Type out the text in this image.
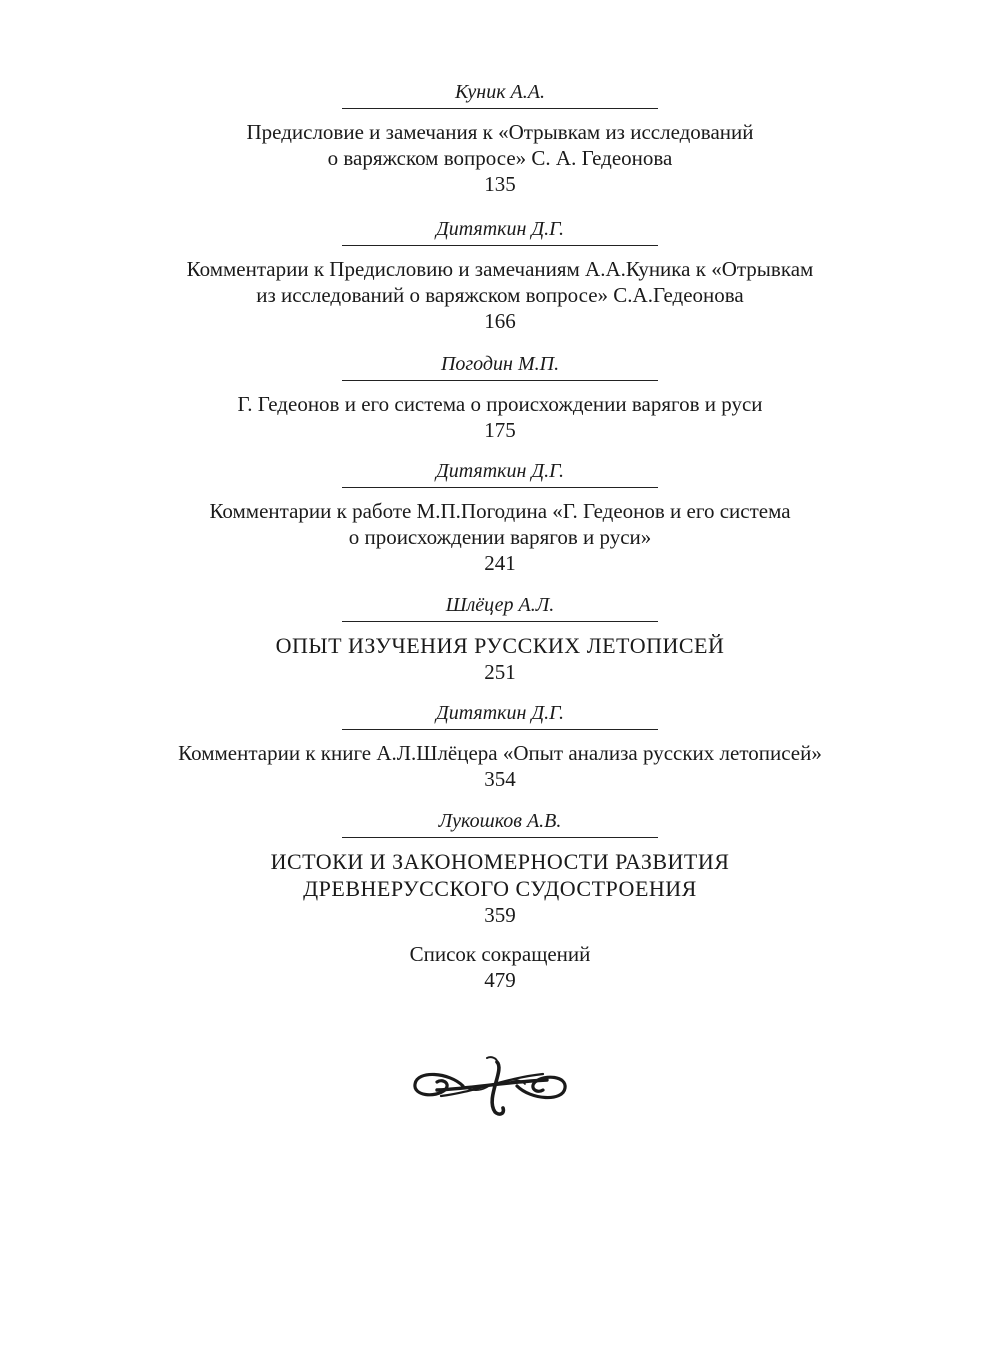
Куник А.А.

Предисловие и замечания к «Отрывкам из исследований
о варяжском вопросе» С. А. Гедеонова

135

Дитяткин Д.Г.

Комментарии к Предисловию и замечаниям А.А.Куника к «Отрывкам
из исследований о варяжском вопросе» С.А.Гедеонова

166

Погодин М.П.

Г. Гедеонов и его система о происхождении варягов и руси

175

Дитяткин Д.Г.

Комментарии к работе М.П.Погодина «Г. Гедеонов и его система
о происхождении варягов и руси»

241

Шлёцер А.Л.

ОПЫТ ИЗУЧЕНИЯ РУССКИХ ЛЕТОПИСЕЙ

251

Дитяткин Д.Г.

Комментарии к книге А.Л.Шлёцера «Опыт анализа русских летописей»

354

Лукошков А.В.

ИСТОКИ И ЗАКОНОМЕРНОСТИ РАЗВИТИЯ
ДРЕВНЕРУССКОГО СУДОСТРОЕНИЯ

359

Список сокращений

479
